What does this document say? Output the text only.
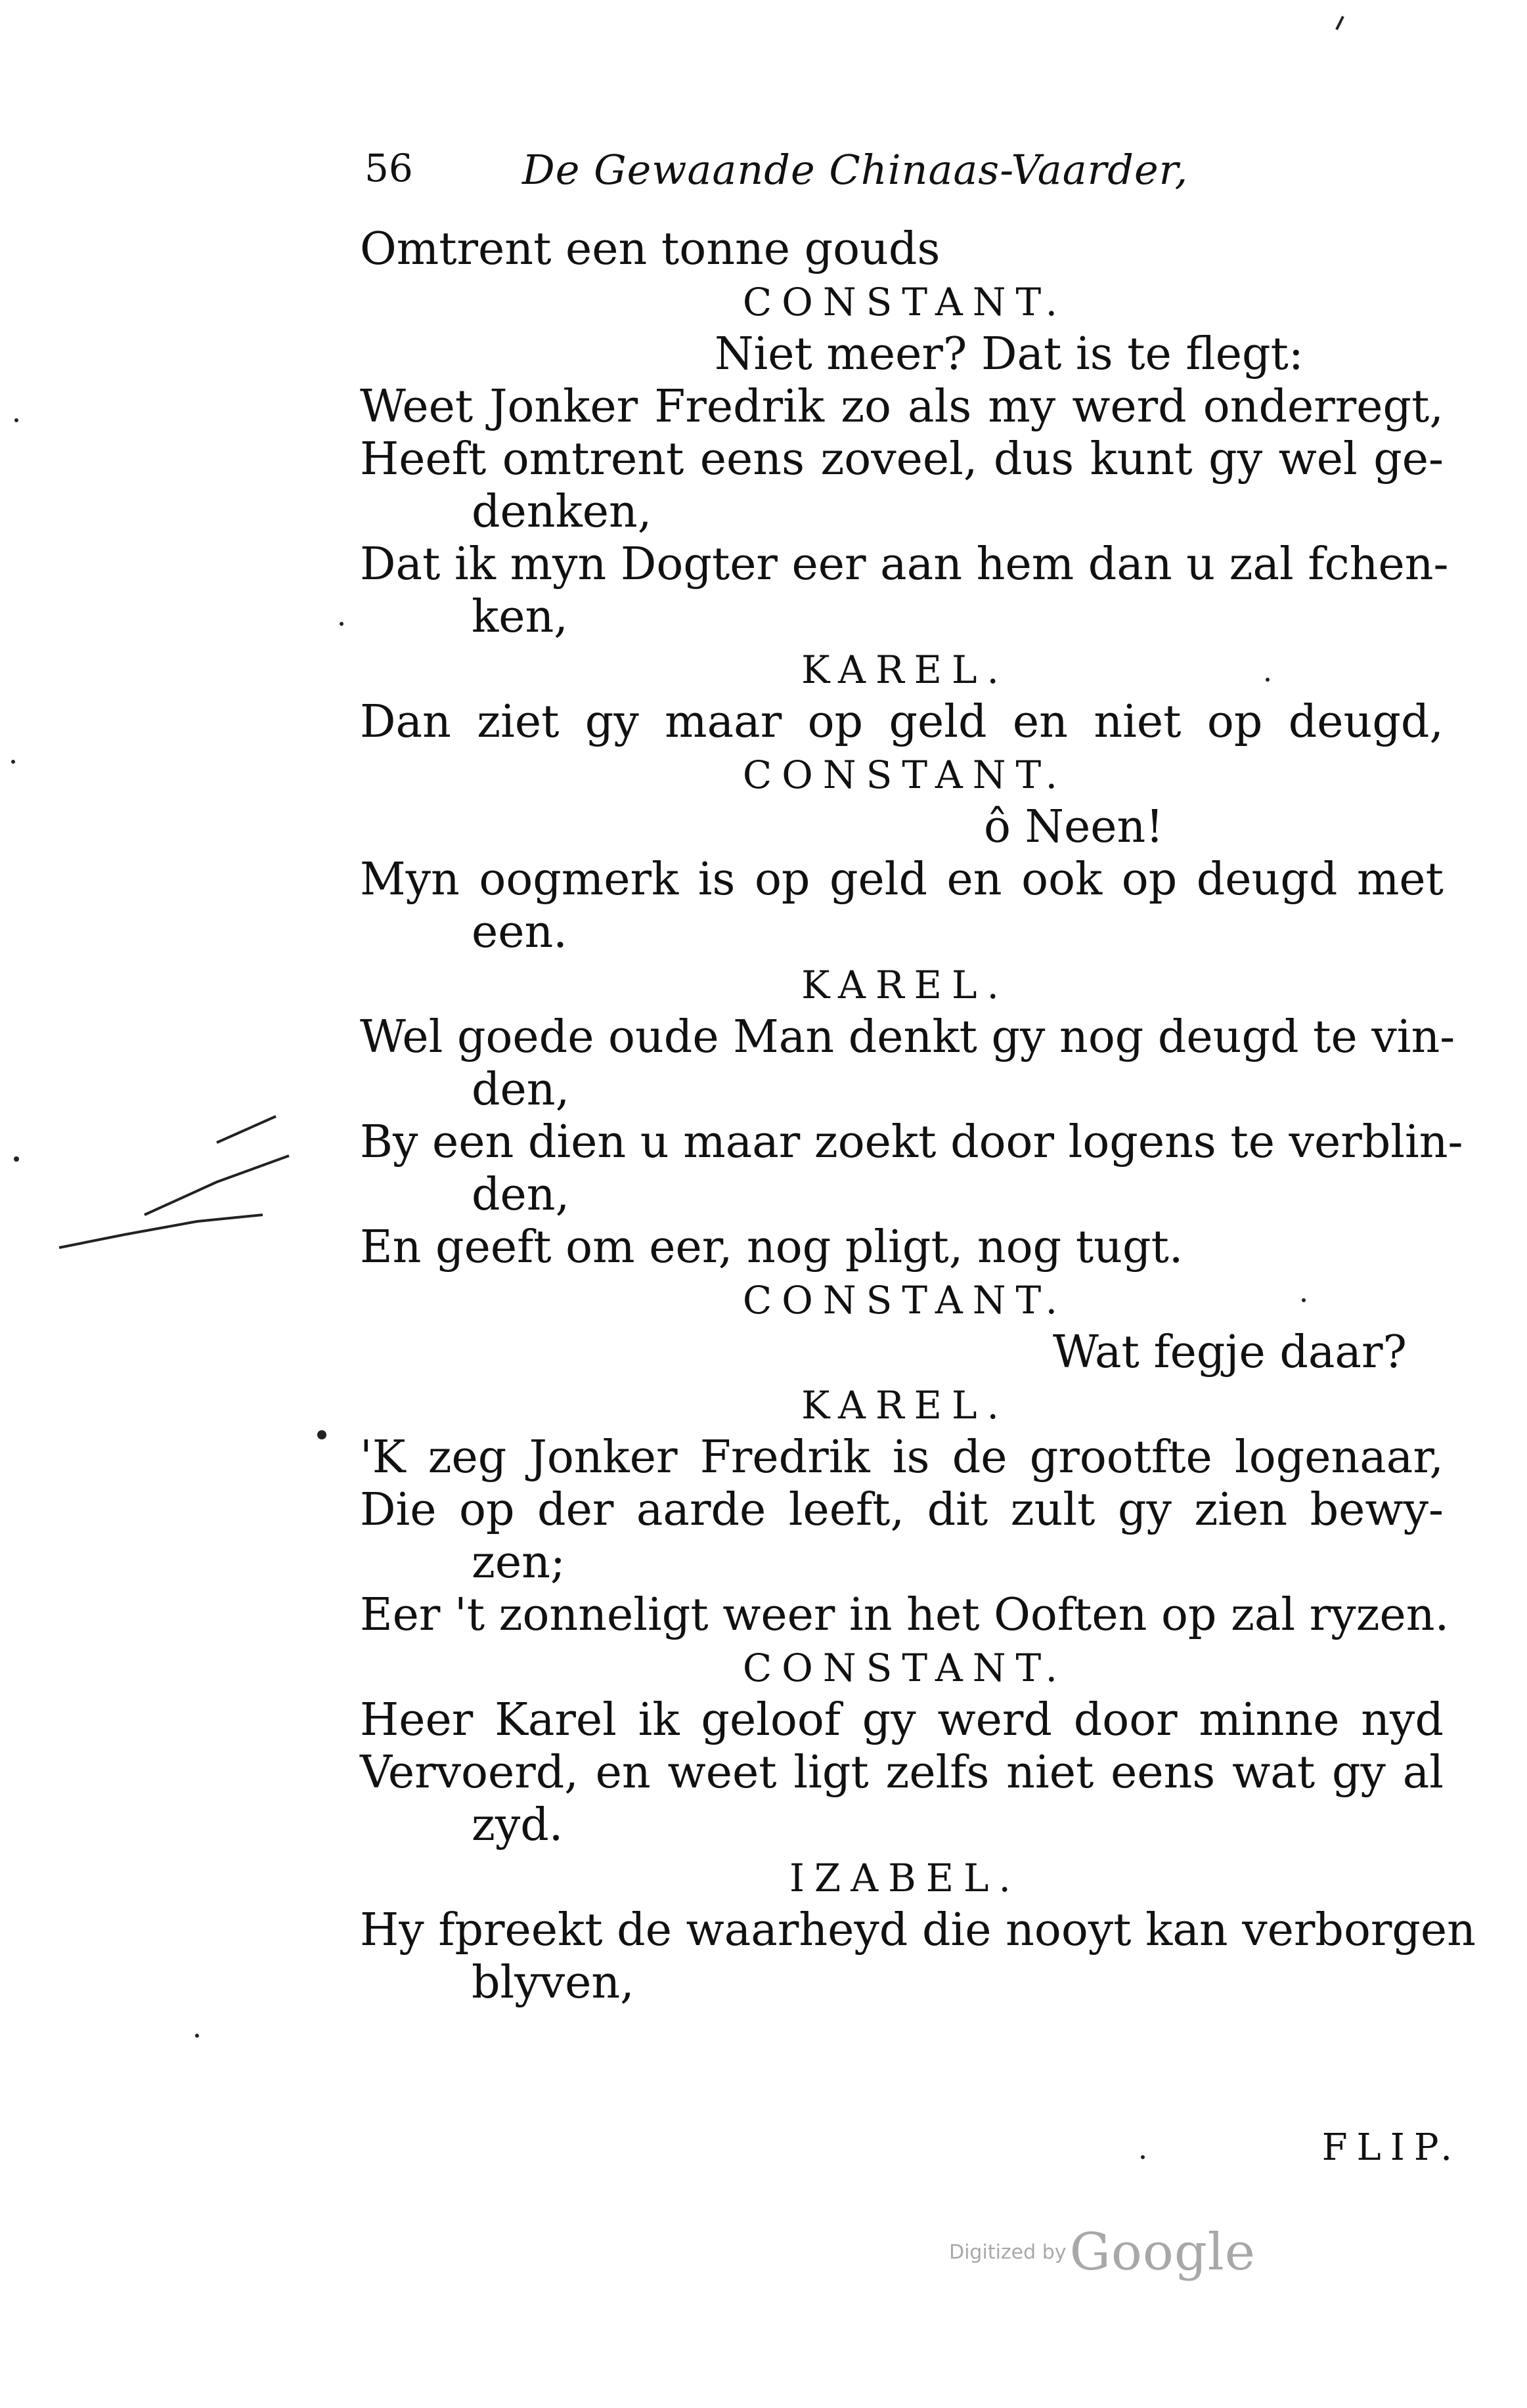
56	De Gewaande Chinaas-Vaarder,
Omtrent een tonne gouds
CONSTANT.
Niet meer? Dat is te flegt:
Weet Jonker Fredrik zo als my werd onderregt,
Heeft omtrent eens zoveel, dus kunt gy wel ge-
denken,
Dat ik myn Dogter eer aan hem dan u zal fchen-
ken,
KAREL.
Dan ziet gy maar op geld en niet op deugd,
CONSTANT.
ô Neen!
Myn oogmerk is op geld en ook op deugd met
een.
KAREL.
Wel goede oude Man denkt gy nog deugd te vin-
den,
By een dien u maar zoekt door logens te verblin-
den,
En geeft om eer, nog pligt, nog tugt.
CONSTANT.
Wat fegje daar?
KAREL.
'K zeg Jonker Fredrik is de grootfte logenaar,
Die op der aarde leeft, dit zult gy zien bewy-
zen;
Eer 't zonneligt weer in het Ooften op zal ryzen.
CONSTANT.
Heer Karel ik geloof gy werd door minne nyd
Vervoerd, en weet ligt zelfs niet eens wat gy al
zyd.
IZABEL.
Hy fpreekt de waarheyd die nooyt kan verborgen
blyven,
FLIP.
Digitized by Google
